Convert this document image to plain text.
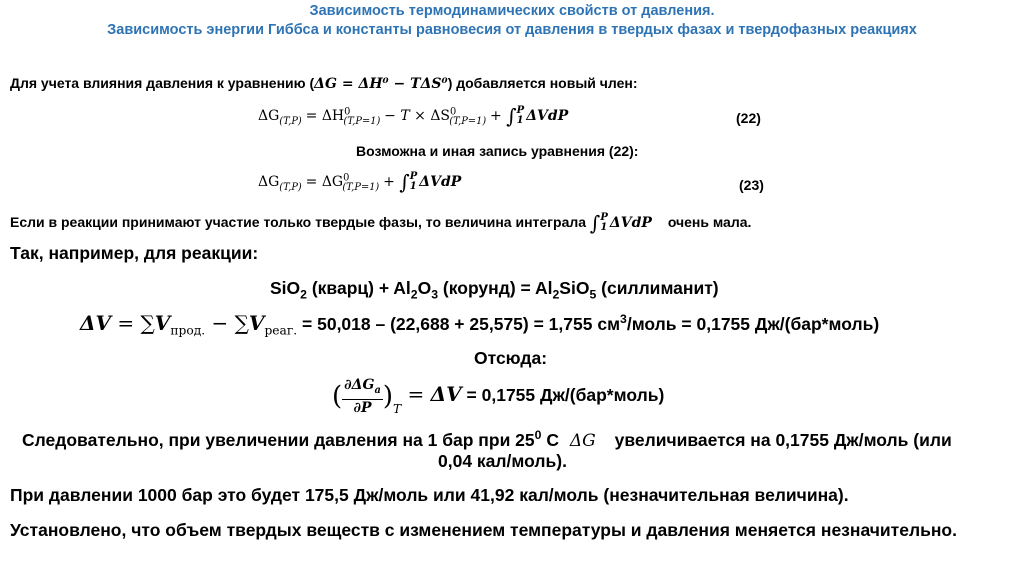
Зависимость термодинамических свойств от давления.
Зависимость энергии Гиббса и константы равновесия от давления в твердых фазах и твердофазных реакциях
Для учета влияния давления к уравнению (ΔG = ΔH⁰ − TΔS⁰) добавляется новый член:
$\Delta G_{(T,P)} = \Delta H^0_{(T,P=1)} - T \times \Delta S^0_{(T,P=1)}$ + ∫ P
1 ΔVdP	(22)
Возможна и иная запись уравнения (22):
$\Delta G_{(T,P)} = \Delta G^0_{(T,P=1)}$ + ∫ P
1 ΔVdP	(23)
Если в реакции принимают участие только твердые фазы, то величина интеграла ∫ P
1 ΔVdP очень мала.
Так, например, для реакции:
SiO$_2$ (кварц) + $Al_2O_3$ (корунд) = $Al_2SiO_5$ (силлиманит)
$\Delta V = \sum V_{прод.} - \sum V_{реаг.} = 50,018 - (22,688 + 25,575) = 1,755$ $см^3$/моль = 0,1755 Дж/(бар*моль)
Отсюда:
( $\frac{\partial\Delta G_a}{\partial P} )_T = \Delta V = 0,1755$ Дж/(бар*моль)
Следовательно, при увеличении давления на 1 бар при $25^0$ С ΔG увеличивается на 0,1755 Дж/моль (или
0,04 кал/моль).
При давлении 1000 бар это будет 175,5 Дж/моль или 41,92 кал/моль (незначительная величина).
Установлено, что объем твердых веществ с изменением температуры и давления меняется незначительно.
